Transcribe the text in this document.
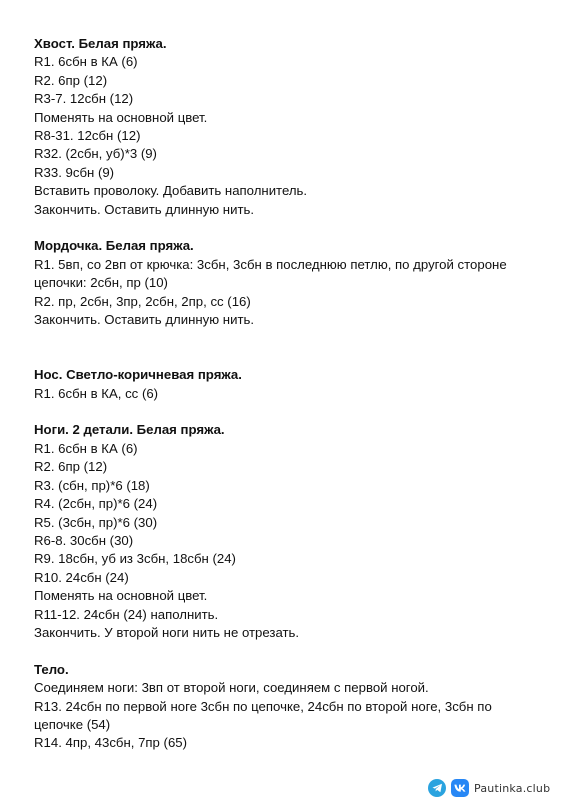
Хвост. Белая пряжа.
R1. 6сбн в КА (6)
R2. 6пр (12)
R3-7. 12сбн (12)
Поменять на основной цвет.
R8-31. 12сбн (12)
R32. (2сбн, уб)*3 (9)
R33. 9сбн (9)
Вставить проволоку. Добавить наполнитель.
Закончить. Оставить длинную нить.
Мордочка. Белая пряжа.
R1. 5вп, со 2вп от крючка: 3сбн, 3сбн в последнюю петлю, по другой стороне цепочки: 2сбн, пр (10)
R2. пр, 2сбн, 3пр, 2сбн, 2пр, сс (16)
Закончить. Оставить длинную нить.
Нос. Светло-коричневая пряжа.
R1. 6сбн в КА, сс (6)
Ноги. 2 детали. Белая пряжа.
R1. 6сбн в КА (6)
R2. 6пр (12)
R3. (сбн, пр)*6 (18)
R4. (2сбн, пр)*6 (24)
R5. (3сбн, пр)*6 (30)
R6-8. 30сбн (30)
R9. 18сбн, уб из 3сбн, 18сбн (24)
R10. 24сбн (24)
Поменять на основной цвет.
R11-12. 24сбн (24) наполнить.
Закончить. У второй ноги нить не отрезать.
Тело.
Соединяем ноги: 3вп от второй ноги, соединяем с первой ногой.
R13. 24сбн по первой ноге 3сбн по цепочке, 24сбн по второй ноге, 3сбн по цепочке (54)
R14. 4пр, 43сбн, 7пр (65)
Pautinka.club
